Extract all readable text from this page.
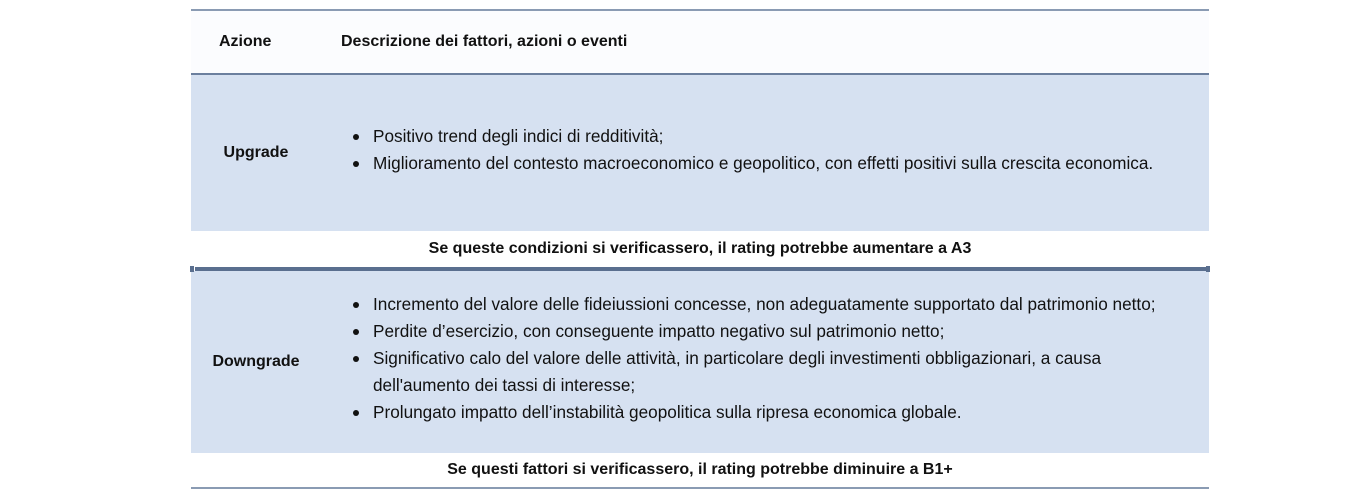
Azione	Descrizione dei fattori, azioni o eventi
Upgrade
Positivo trend degli indici di redditività;
Miglioramento del contesto macroeconomico e geopolitico, con effetti positivi sulla crescita economica.
Se queste condizioni si verificassero, il rating potrebbe aumentare a A3
Downgrade
Incremento del valore delle fideiussioni concesse, non adeguatamente supportato dal patrimonio netto;
Perdite d’esercizio, con conseguente impatto negativo sul patrimonio netto;
Significativo calo del valore delle attività, in particolare degli investimenti obbligazionari, a causa dell'aumento dei tassi di interesse;
Prolungato impatto dell’instabilità geopolitica sulla ripresa economica globale.
Se questi fattori si verificassero, il rating potrebbe diminuire a B1+
